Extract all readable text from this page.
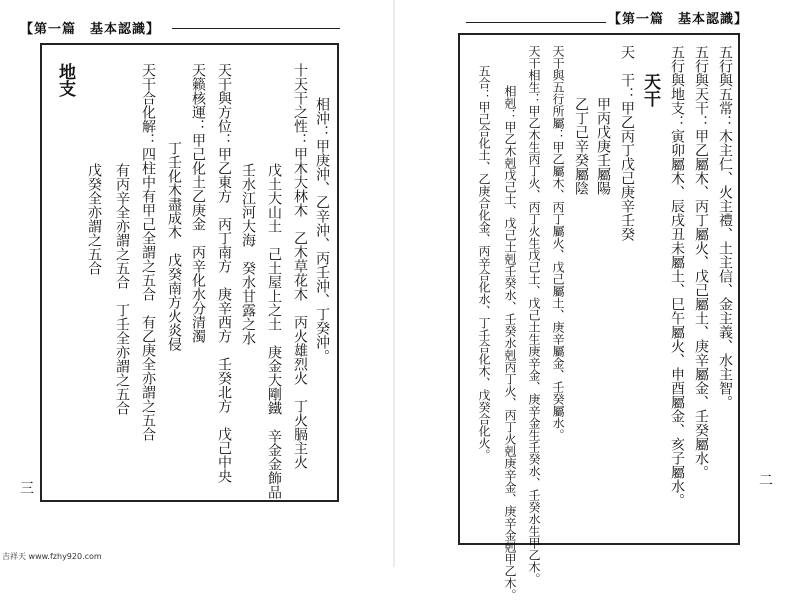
【第一篇　基本認識】
相沖：甲庚沖、乙辛沖、丙壬沖、丁癸沖。
十天干之性：甲木大林木　乙木草花木　丙火雄烈火　丁火膈主火
戊土大山土　己土屋上之土　庚金大剛鐵　辛金金飾品
壬水江河大海　癸水甘露之水
天干與方位：甲乙東方　丙丁南方　庚辛西方　壬癸北方　戊己中央
天籁核運：甲己化土乙庚金　丙辛化水分清濁
丁壬化木盡成木　戊癸南方火炎侵
天干合化解：四柱中有甲己全謂之五合　有乙庚全亦謂之五合
有丙辛全亦謂之五合　丁壬全亦謂之五合
戊癸全亦謂之五合
地支
三
【第一篇　基本認識】
五行與五常：木主仁、火主禮、土主信、金主義、水主智。
五行與天干：甲乙屬木、丙丁屬火、戊己屬土、庚辛屬金、壬癸屬水。
五行與地支：寅卯屬木、辰戌丑未屬土、巳午屬火、申酉屬金、亥子屬水。
天干
天　干：甲乙丙丁戊己庚辛壬癸
甲丙戊庚壬屬陽
乙丁己辛癸屬陰
天干與五行所屬：甲乙屬木、丙丁屬火、戊己屬土、庚辛屬金、壬癸屬水。
天干相生：甲乙木生丙丁火、丙丁火生戊己土、戊己土生庚辛金、庚辛金生壬癸水、壬癸水生甲乙木。
相剋：甲乙木剋戊己土、戊己土剋壬癸水、壬癸水剋丙丁火、丙丁火剋庚辛金、庚辛金剋甲乙木。
五合：甲己合化土、乙庚合化金、丙辛合化水、丁壬合化木、戊癸合化火。
二
吉祥天 www.fzhy920.com
